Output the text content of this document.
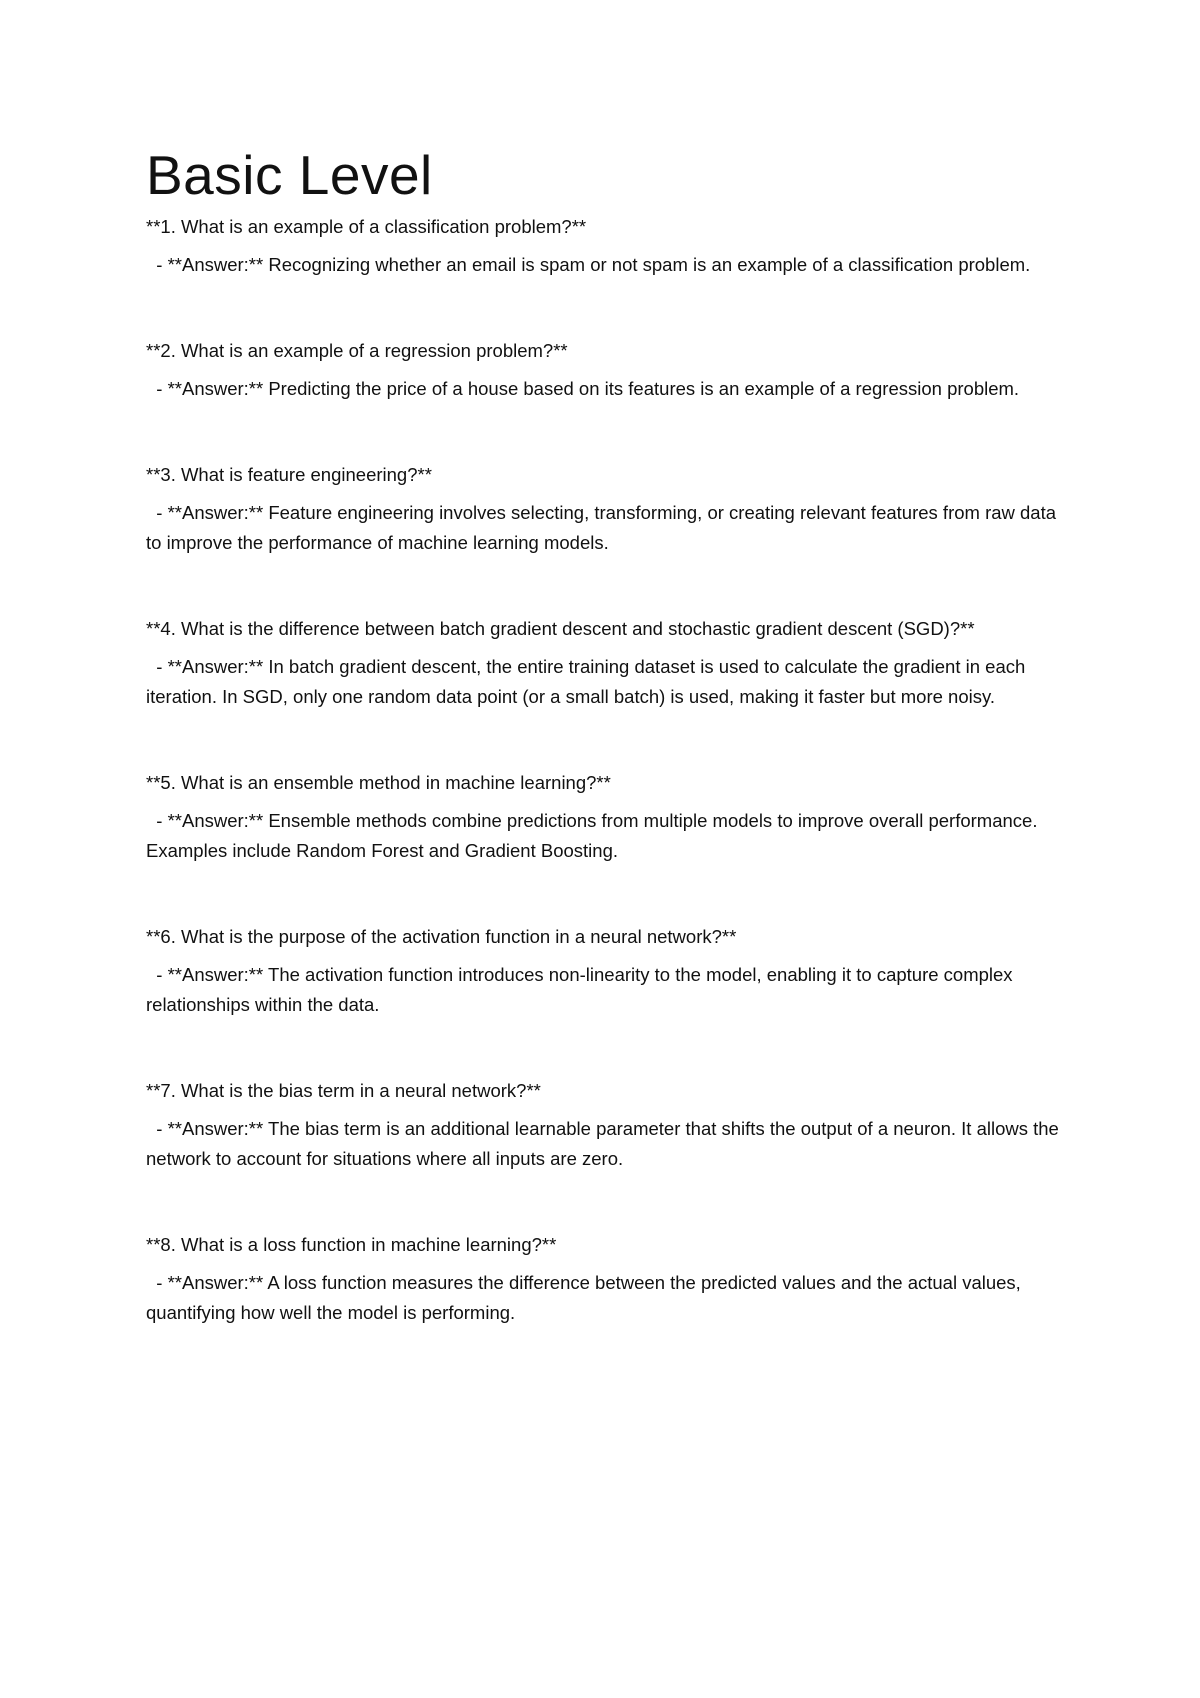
Basic Level

**1. What is an example of a classification problem?**

- **Answer:** Recognizing whether an email is spam or not spam is an example of a classification problem.

**2. What is an example of a regression problem?**

- **Answer:** Predicting the price of a house based on its features is an example of a regression problem.

**3. What is feature engineering?**

- **Answer:** Feature engineering involves selecting, transforming, or creating relevant features from raw data to improve the performance of machine learning models.

**4. What is the difference between batch gradient descent and stochastic gradient descent (SGD)?**

- **Answer:** In batch gradient descent, the entire training dataset is used to calculate the gradient in each iteration. In SGD, only one random data point (or a small batch) is used, making it faster but more noisy.

**5. What is an ensemble method in machine learning?**

- **Answer:** Ensemble methods combine predictions from multiple models to improve overall performance. Examples include Random Forest and Gradient Boosting.

**6. What is the purpose of the activation function in a neural network?**

- **Answer:** The activation function introduces non-linearity to the model, enabling it to capture complex relationships within the data.

**7. What is the bias term in a neural network?**

- **Answer:** The bias term is an additional learnable parameter that shifts the output of a neuron. It allows the network to account for situations where all inputs are zero.

**8. What is a loss function in machine learning?**

- **Answer:** A loss function measures the difference between the predicted values and the actual values, quantifying how well the model is performing.
